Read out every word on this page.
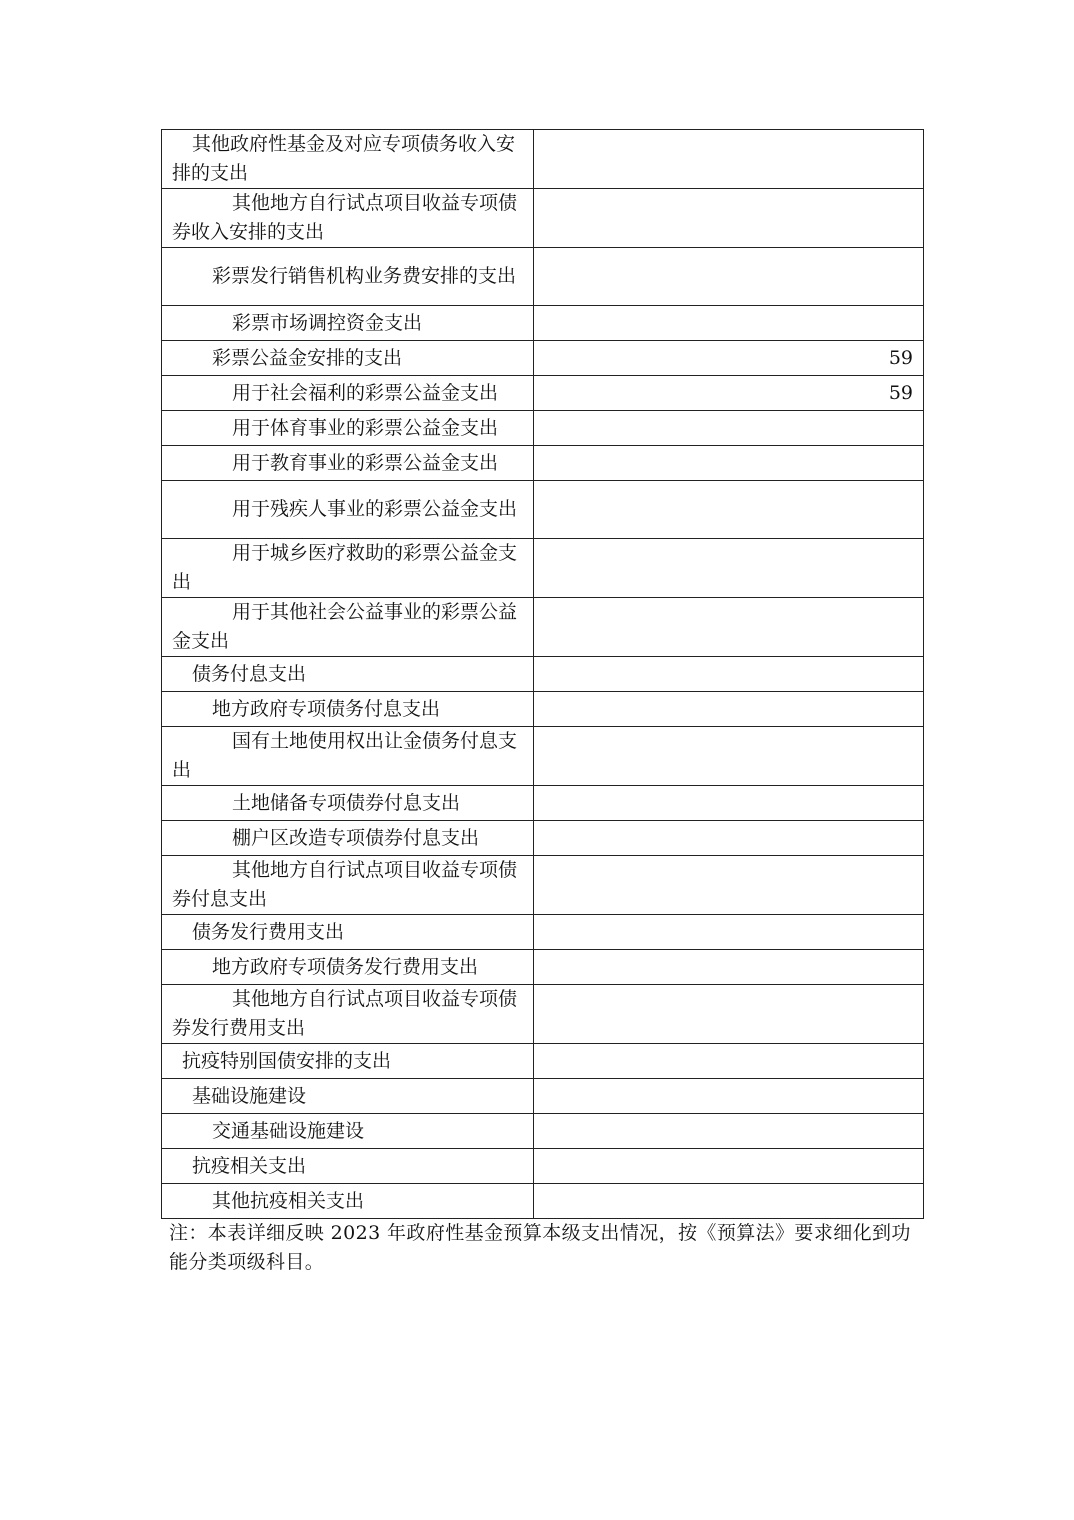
其他政府性基金及对应专项债务收入安排的支出	
其他地方自行试点项目收益专项债券收入安排的支出	
彩票发行销售机构业务费安排的支出	
彩票市场调控资金支出	
彩票公益金安排的支出	59
用于社会福利的彩票公益金支出	59
用于体育事业的彩票公益金支出	
用于教育事业的彩票公益金支出	
用于残疾人事业的彩票公益金支出	
用于城乡医疗救助的彩票公益金支出	
用于其他社会公益事业的彩票公益金支出	
债务付息支出	
地方政府专项债务付息支出	
国有土地使用权出让金债务付息支出	
土地储备专项债券付息支出	
棚户区改造专项债券付息支出	
其他地方自行试点项目收益专项债券付息支出	
债务发行费用支出	
地方政府专项债务发行费用支出	
其他地方自行试点项目收益专项债券发行费用支出	
抗疫特别国债安排的支出	
基础设施建设	
交通基础设施建设	
抗疫相关支出	
其他抗疫相关支出	
注：本表详细反映 2023 年政府性基金预算本级支出情况，按《预算法》要求细化到功能分类项级科目。
